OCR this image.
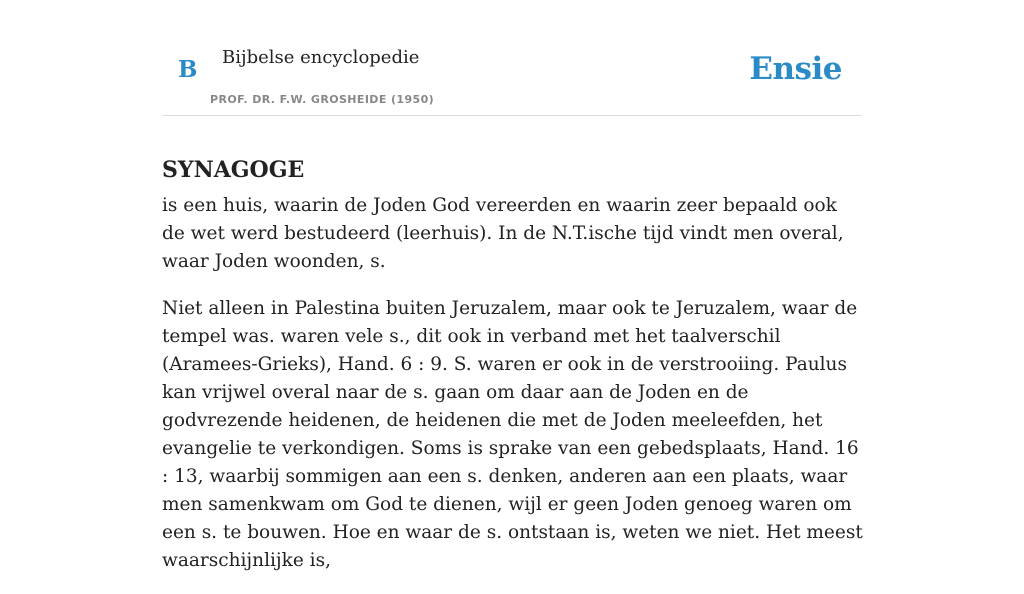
B Bijbelse encyclopedie
PROF. DR. F.W. GROSHEIDE (1950)
Ensie
SYNAGOGE

is een huis, waarin de Joden God vereerden en waarin zeer bepaald ook de wet werd bestudeerd (leerhuis). In de N.T.ische tijd vindt men overal, waar Joden woonden, s.

Niet alleen in Palestina buiten Jeruzalem, maar ook te Jeruzalem, waar de tempel was. waren vele s., dit ook in verband met het taalverschil (Aramees-Grieks), Hand. 6 : 9. S. waren er ook in de verstrooiing. Paulus kan vrijwel overal naar de s. gaan om daar aan de Joden en de godvrezende heidenen, de heidenen die met de Joden meeleefden, het evangelie te verkondigen. Soms is sprake van een gebedsplaats, Hand. 16 : 13, waarbij sommigen aan een s. denken, anderen aan een plaats, waar men samenkwam om God te dienen, wijl er geen Joden genoeg waren om een s. te bouwen. Hoe en waar de s. ontstaan is, weten we niet. Het meest waarschijnlijke is,
